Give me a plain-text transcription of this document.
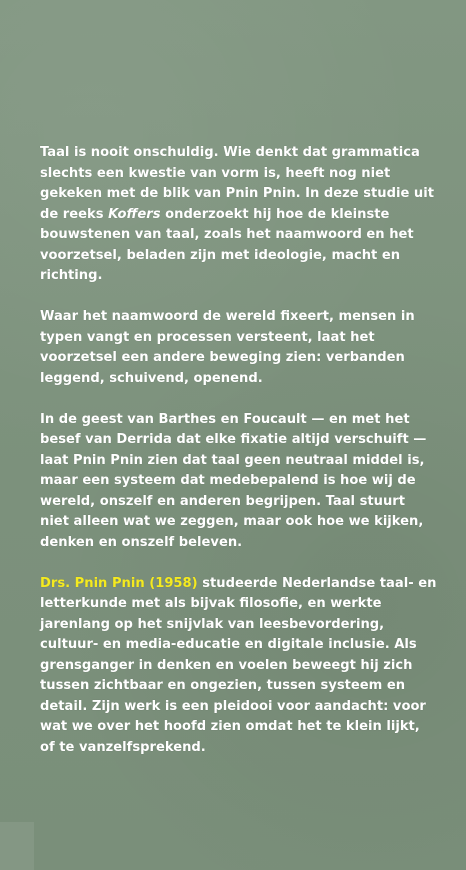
Taal is nooit onschuldig. Wie denkt dat grammatica slechts een kwestie van vorm is, heeft nog niet gekeken met de blik van Pnin Pnin. In deze studie uit de reeks Koffers onderzoekt hij hoe de kleinste bouwstenen van taal, zoals het naamwoord en het voorzetsel, beladen zijn met ideologie, macht en richting.

Waar het naamwoord de wereld fixeert, mensen in typen vangt en processen versteent, laat het voorzetsel een andere beweging zien: verbanden leggend, schuivend, openend.

In de geest van Barthes en Foucault — en met het besef van Derrida dat elke fixatie altijd verschuift — laat Pnin Pnin zien dat taal geen neutraal middel is, maar een systeem dat medebepalend is hoe wij de wereld, onszelf en anderen begrijpen. Taal stuurt niet alleen wat we zeggen, maar ook hoe we kijken, denken en onszelf beleven.

Drs. Pnin Pnin (1958) studeerde Nederlandse taal- en letterkunde met als bijvak filosofie, en werkte jarenlang op het snijvlak van leesbevordering, cultuur- en media-educatie en digitale inclusie. Als grensganger in denken en voelen beweegt hij zich tussen zichtbaar en ongezien, tussen systeem en detail. Zijn werk is een pleidooi voor aandacht: voor wat we over het hoofd zien omdat het te klein lijkt, of te vanzelfsprekend.
